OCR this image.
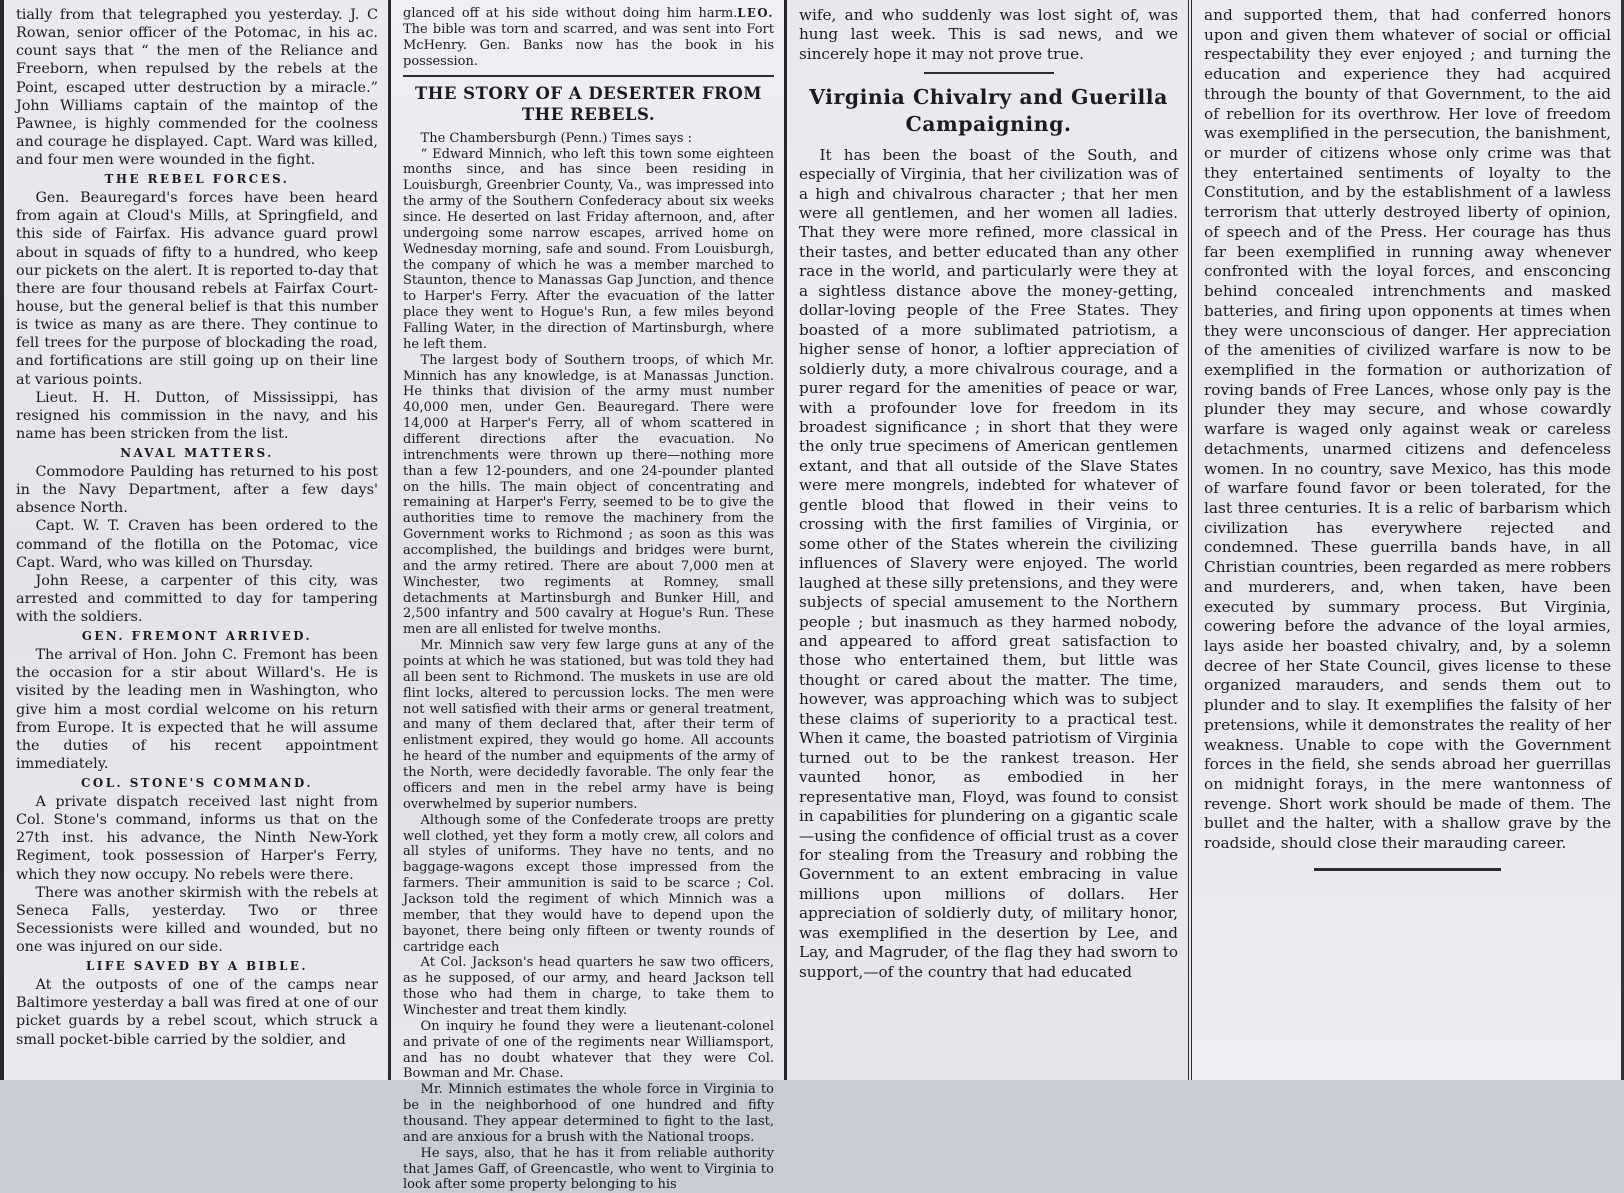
tially from that telegraphed you yesterday. J. C Rowan, senior officer of the Potomac, in his ac. count says that “ the men of the Reliance and Freeborn, when repulsed by the rebels at the Point, escaped utter destruction by a miracle.” John Williams captain of the maintop of the Pawnee, is highly commended for the coolness and courage he displayed. Capt. Ward was killed, and four men were wounded in the fight.

THE REBEL FORCES.

Gen. Beauregard's forces have been heard from again at Cloud's Mills, at Springfield, and this side of Fairfax. His advance guard prowl about in squads of fifty to a hundred, who keep our pickets on the alert. It is reported to-day that there are four thousand rebels at Fairfax Court-house, but the general belief is that this number is twice as many as are there. They continue to fell trees for the purpose of blockading the road, and fortifications are still going up on their line at various points.

Lieut. H. H. Dutton, of Mississippi, has resigned his commission in the navy, and his name has been stricken from the list.

NAVAL MATTERS.

Commodore Paulding has returned to his post in the Navy Department, after a few days' absence North.

Capt. W. T. Craven has been ordered to the command of the flotilla on the Potomac, vice Capt. Ward, who was killed on Thursday.

John Reese, a carpenter of this city, was arrested and committed to day for tampering with the soldiers.

GEN. FREMONT ARRIVED.

The arrival of Hon. John C. Fremont has been the occasion for a stir about Willard's. He is visited by the leading men in Washington, who give him a most cordial welcome on his return from Europe. It is expected that he will assume the duties of his recent appointment immediately.

COL. STONE'S COMMAND.

A private dispatch received last night from Col. Stone's command, informs us that on the 27th inst. his advance, the Ninth New-York Regiment, took possession of Harper's Ferry, which they now occupy. No rebels were there.

There was another skirmish with the rebels at Seneca Falls, yesterday. Two or three Secessionists were killed and wounded, but no one was injured on our side.

LIFE SAVED BY A BIBLE.

At the outposts of one of the camps near Baltimore yesterday a ball was fired at one of our picket guards by a rebel scout, which struck a small pocket-bible carried by the soldier, and

LEO.
glanced off at his side without doing him harm. The bible was torn and scarred, and was sent into Fort McHenry. Gen. Banks now has the book in his possession.

THE STORY OF A DESERTER FROM THE REBELS.

The Chambersburgh (Penn.) Times says :

“ Edward Minnich, who left this town some eighteen months since, and has since been residing in Louisburgh, Greenbrier County, Va., was impressed into the army of the Southern Confederacy about six weeks since. He deserted on last Friday afternoon, and, after undergoing some narrow escapes, arrived home on Wednesday morning, safe and sound. From Louisburgh, the company of which he was a member marched to Staunton, thence to Manassas Gap Junction, and thence to Harper's Ferry. After the evacuation of the latter place they went to Hogue's Run, a few miles beyond Falling Water, in the direction of Martinsburgh, where he left them.

The largest body of Southern troops, of which Mr. Minnich has any knowledge, is at Manassas Junction. He thinks that division of the army must number 40,000 men, under Gen. Beauregard. There were 14,000 at Harper's Ferry, all of whom scattered in different directions after the evacuation. No intrenchments were thrown up there—nothing more than a few 12-pounders, and one 24-pounder planted on the hills. The main object of concentrating and remaining at Harper's Ferry, seemed to be to give the authorities time to remove the machinery from the Government works to Richmond ; as soon as this was accomplished, the buildings and bridges were burnt, and the army retired. There are about 7,000 men at Winchester, two regiments at Romney, small detachments at Martinsburgh and Bunker Hill, and 2,500 infantry and 500 cavalry at Hogue's Run. These men are all enlisted for twelve months.

Mr. Minnich saw very few large guns at any of the points at which he was stationed, but was told they had all been sent to Richmond. The muskets in use are old flint locks, altered to percussion locks. The men were not well satisfied with their arms or general treatment, and many of them declared that, after their term of enlistment expired, they would go home. All accounts he heard of the number and equipments of the army of the North, were decidedly favorable. The only fear the officers and men in the rebel army have is being overwhelmed by superior numbers.

Although some of the Confederate troops are pretty well clothed, yet they form a motly crew, all colors and all styles of uniforms. They have no tents, and no baggage-wagons except those impressed from the farmers. Their ammunition is said to be scarce ; Col. Jackson told the regiment of which Minnich was a member, that they would have to depend upon the bayonet, there being only fifteen or twenty rounds of cartridge each

At Col. Jackson's head quarters he saw two officers, as he supposed, of our army, and heard Jackson tell those who had them in charge, to take them to Winchester and treat them kindly.

On inquiry he found they were a lieutenant-colonel and private of one of the regiments near Williamsport, and has no doubt whatever that they were Col. Bowman and Mr. Chase.

Mr. Minnich estimates the whole force in Virginia to be in the neighborhood of one hundred and fifty thousand. They appear determined to fight to the last, and are anxious for a brush with the National troops.

He says, also, that he has it from reliable authority that James Gaff, of Greencastle, who went to Virginia to look after some property belonging to his

wife, and who suddenly was lost sight of, was hung last week. This is sad news, and we sincerely hope it may not prove true.

Virginia Chivalry and Guerilla Campaigning.

It has been the boast of the South, and especially of Virginia, that her civilization was of a high and chivalrous character ; that her men were all gentlemen, and her women all ladies. That they were more refined, more classical in their tastes, and better educated than any other race in the world, and particularly were they at a sightless distance above the money-getting, dollar-loving people of the Free States. They boasted of a more sublimated patriotism, a higher sense of honor, a loftier appreciation of soldierly duty, a more chivalrous courage, and a purer regard for the amenities of peace or war, with a profounder love for freedom in its broadest significance ; in short that they were the only true specimens of American gentlemen extant, and that all outside of the Slave States were mere mongrels, indebted for whatever of gentle blood that flowed in their veins to crossing with the first families of Virginia, or some other of the States wherein the civilizing influences of Slavery were enjoyed. The world laughed at these silly pretensions, and they were subjects of special amusement to the Northern people ; but inasmuch as they harmed nobody, and appeared to afford great satisfaction to those who entertained them, but little was thought or cared about the matter. The time, however, was approaching which was to subject these claims of superiority to a practical test. When it came, the boasted patriotism of Virginia turned out to be the rankest treason. Her vaunted honor, as embodied in her representative man, Floyd, was found to consist in capabilities for plundering on a gigantic scale—using the confidence of official trust as a cover for stealing from the Treasury and robbing the Government to an extent embracing in value millions upon millions of dollars. Her appreciation of soldierly duty, of military honor, was exemplified in the desertion by Lee, and Lay, and Magruder, of the flag they had sworn to support,—of the country that had educated

and supported them, that had conferred honors upon and given them whatever of social or official respectability they ever enjoyed ; and turning the education and experience they had acquired through the bounty of that Government, to the aid of rebellion for its overthrow. Her love of freedom was exemplified in the persecution, the banishment, or murder of citizens whose only crime was that they entertained sentiments of loyalty to the Constitution, and by the establishment of a lawless terrorism that utterly destroyed liberty of opinion, of speech and of the Press. Her courage has thus far been exemplified in running away whenever confronted with the loyal forces, and ensconcing behind concealed intrenchments and masked batteries, and firing upon opponents at times when they were unconscious of danger. Her appreciation of the amenities of civilized warfare is now to be exemplified in the formation or authorization of roving bands of Free Lances, whose only pay is the plunder they may secure, and whose cowardly warfare is waged only against weak or careless detachments, unarmed citizens and defenceless women. In no country, save Mexico, has this mode of warfare found favor or been tolerated, for the last three centuries. It is a relic of barbarism which civilization has everywhere rejected and condemned. These guerrilla bands have, in all Christian countries, been regarded as mere robbers and murderers, and, when taken, have been executed by summary process. But Virginia, cowering before the advance of the loyal armies, lays aside her boasted chivalry, and, by a solemn decree of her State Council, gives license to these organized marauders, and sends them out to plunder and to slay. It exemplifies the falsity of her pretensions, while it demonstrates the reality of her weakness. Unable to cope with the Government forces in the field, she sends abroad her guerrillas on midnight forays, in the mere wantonness of revenge. Short work should be made of them. The bullet and the halter, with a shallow grave by the roadside, should close their marauding career.
